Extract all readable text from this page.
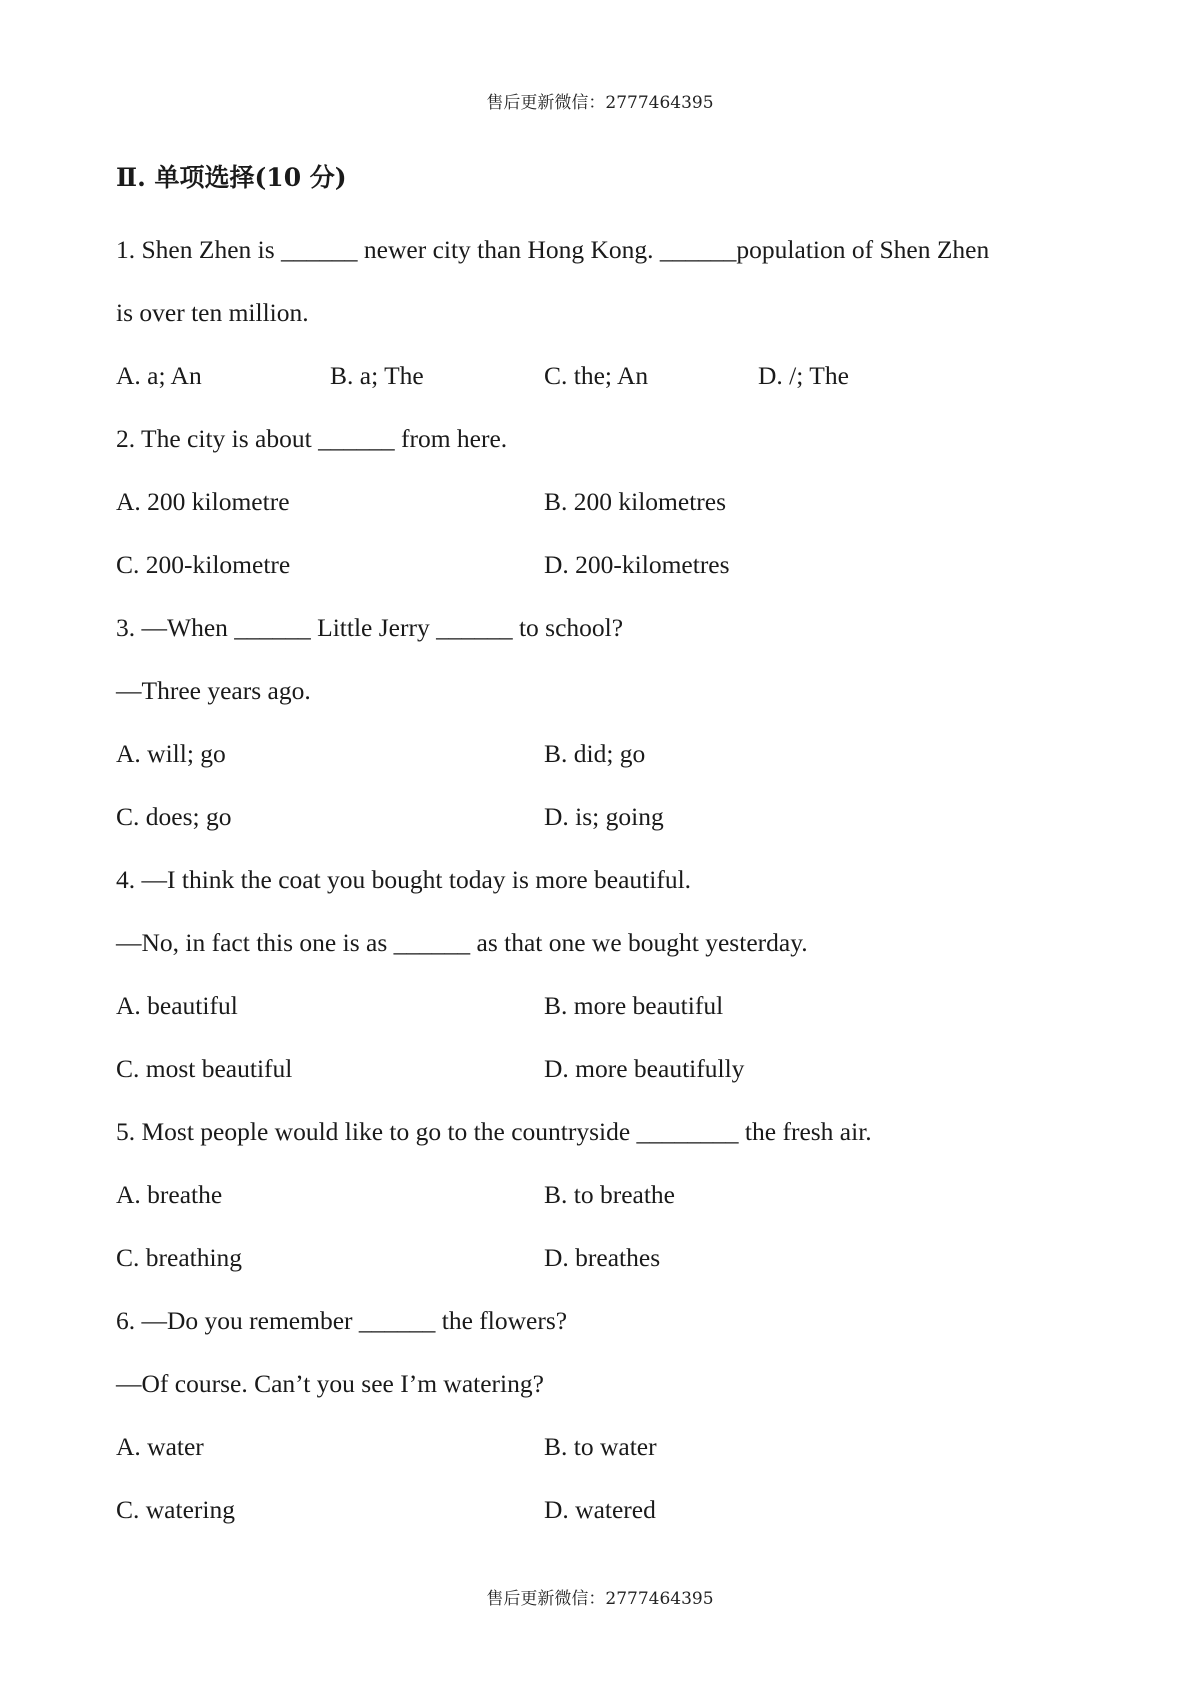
售后更新微信：2777464395
Ⅱ. 单项选择(10 分)
1. Shen Zhen is ______ newer city than Hong Kong. ______population of Shen Zhen
is over ten million.
A. a; An	B. a; The	C. the; An	D. /; The
2. The city is about ______ from here.
A. 200 kilometre	B. 200 kilometres
C. 200-kilometre	D. 200-kilometres
3. —When ______ Little Jerry ______ to school?
—Three years ago.
A. will; go	B. did; go
C. does; go	D. is; going
4. —I think the coat you bought today is more beautiful.
—No, in fact this one is as ______ as that one we bought yesterday.
A. beautiful	B. more beautiful
C. most beautiful	D. more beautifully
5. Most people would like to go to the countryside ________ the fresh air.
A. breathe	B. to breathe
C. breathing	D. breathes
6. —Do you remember ______ the flowers?
—Of course. Can’t you see I’m watering?
A. water	B. to water
C. watering	D. watered
售后更新微信：2777464395
